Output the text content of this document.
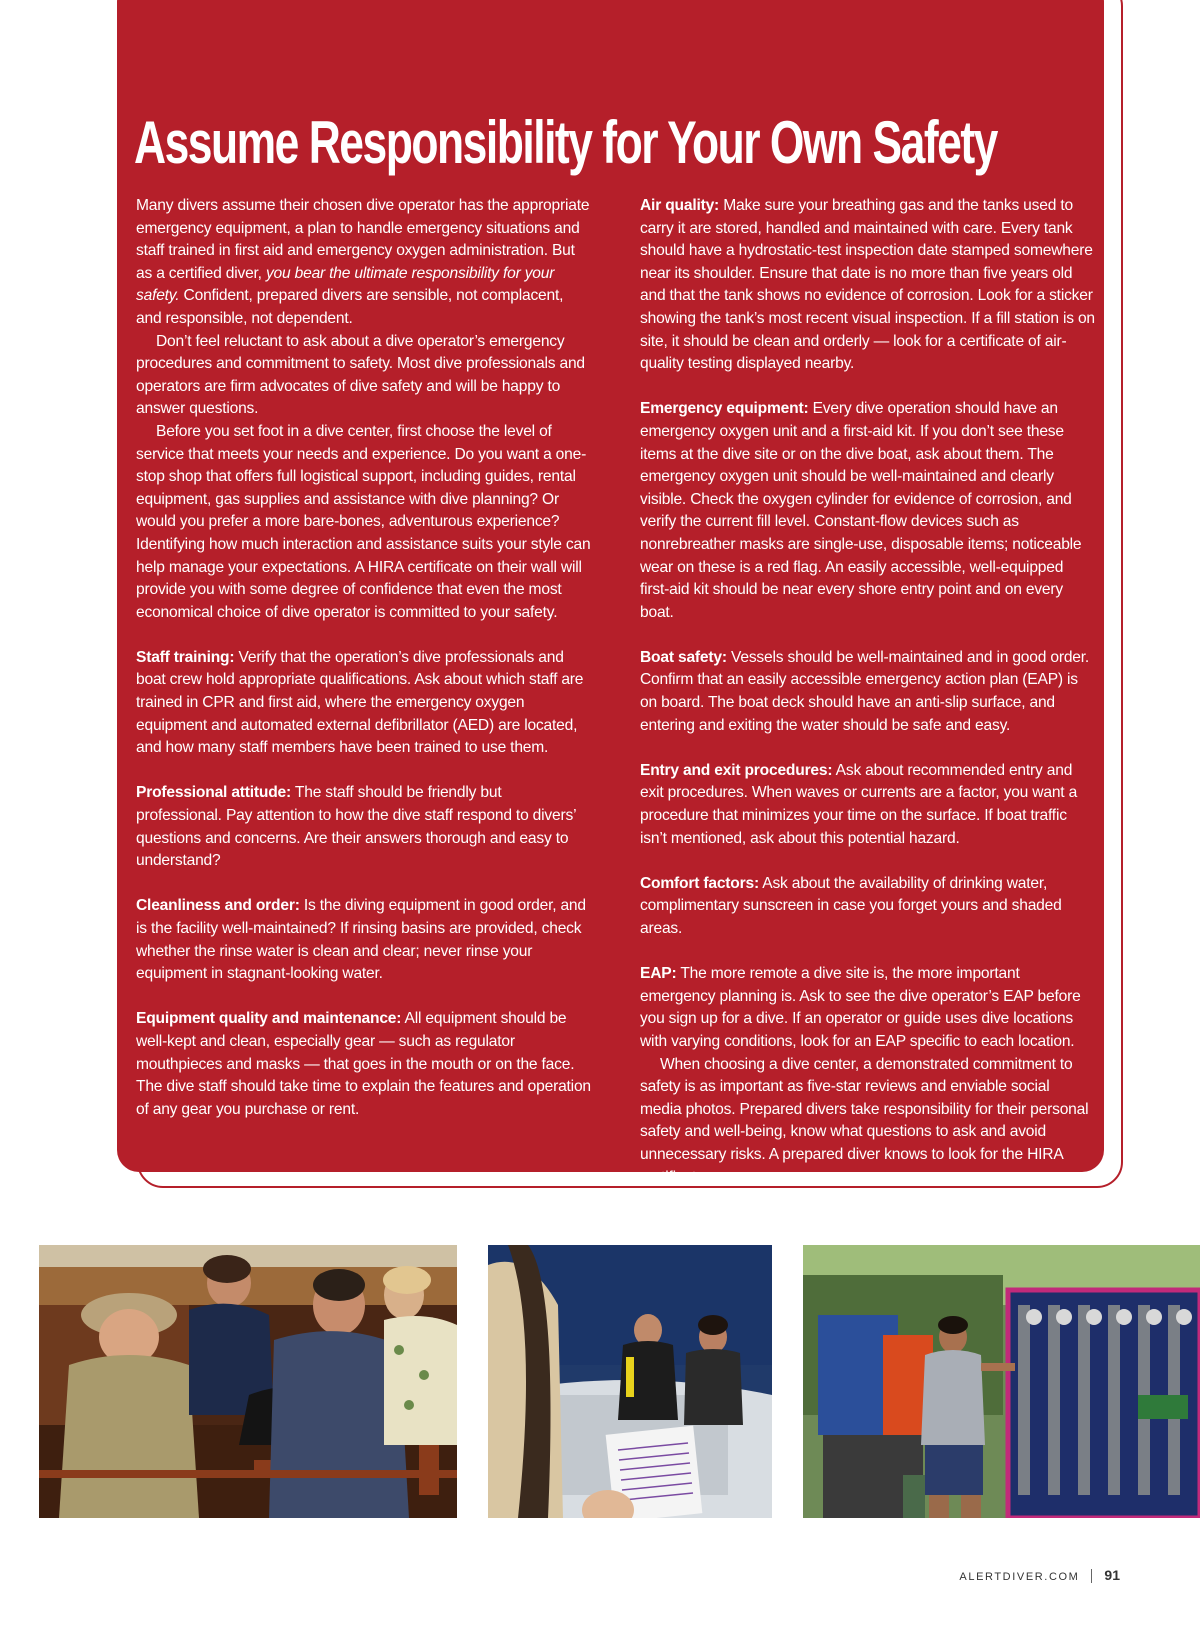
Assume Responsibility for Your Own Safety

Many divers assume their chosen dive operator has the appropriate emergency equipment, a plan to handle emergency situations and staff trained in first aid and emergency oxygen administration. But as a certified diver, you bear the ultimate responsibility for your safety. Confident, prepared divers are sensible, not complacent, and responsible, not dependent.

Don’t feel reluctant to ask about a dive operator’s emergency procedures and commitment to safety. Most dive professionals and operators are firm advocates of dive safety and will be happy to answer questions.

Before you set foot in a dive center, first choose the level of service that meets your needs and experience. Do you want a one-stop shop that offers full logistical support, including guides, rental equipment, gas supplies and assistance with dive planning? Or would you prefer a more bare-bones, adventurous experience? Identifying how much interaction and assistance suits your style can help manage your expectations. A HIRA certificate on their wall will provide you with some degree of confidence that even the most economical choice of dive operator is committed to your safety.

Staff training: Verify that the operation’s dive professionals and boat crew hold appropriate qualifications. Ask about which staff are trained in CPR and first aid, where the emergency oxygen equipment and automated external defibrillator (AED) are located, and how many staff members have been trained to use them.

Professional attitude: The staff should be friendly but professional. Pay attention to how the dive staff respond to divers’ questions and concerns. Are their answers thorough and easy to understand?

Cleanliness and order: Is the diving equipment in good order, and is the facility well-maintained? If rinsing basins are provided, check whether the rinse water is clean and clear; never rinse your equipment in stagnant-looking water.

Equipment quality and maintenance: All equipment should be well-kept and clean, especially gear — such as regulator mouthpieces and masks — that goes in the mouth or on the face. The dive staff should take time to explain the features and operation of any gear you purchase or rent.

Air quality: Make sure your breathing gas and the tanks used to carry it are stored, handled and maintained with care. Every tank should have a hydrostatic-test inspection date stamped somewhere near its shoulder. Ensure that date is no more than five years old and that the tank shows no evidence of corrosion. Look for a sticker showing the tank’s most recent visual inspection. If a fill station is on site, it should be clean and orderly — look for a certificate of air-quality testing displayed nearby.

Emergency equipment: Every dive operation should have an emergency oxygen unit and a first-aid kit. If you don’t see these items at the dive site or on the dive boat, ask about them. The emergency oxygen unit should be well-maintained and clearly visible. Check the oxygen cylinder for evidence of corrosion, and verify the current fill level. Constant-flow devices such as nonrebreather masks are single-use, disposable items; noticeable wear on these is a red flag. An easily accessible, well-equipped first-aid kit should be near every shore entry point and on every boat.

Boat safety: Vessels should be well-maintained and in good order. Confirm that an easily accessible emergency action plan (EAP) is on board. The boat deck should have an anti-slip surface, and entering and exiting the water should be safe and easy.

Entry and exit procedures: Ask about recommended entry and exit procedures. When waves or currents are a factor, you want a procedure that minimizes your time on the surface. If boat traffic isn’t mentioned, ask about this potential hazard.

Comfort factors: Ask about the availability of drinking water, complimentary sunscreen in case you forget yours and shaded areas.

EAP: The more remote a dive site is, the more important emergency planning is. Ask to see the dive operator’s EAP before you sign up for a dive. If an operator or guide uses dive locations with varying conditions, look for an EAP specific to each location.

When choosing a dive center, a demonstrated commitment to safety is as important as five-star reviews and enviable social media photos. Prepared divers take responsibility for their personal safety and well-being, know what questions to ask and avoid unnecessary risks. A prepared diver knows to look for the HIRA certificate.

ALERTDIVER.COM 91
